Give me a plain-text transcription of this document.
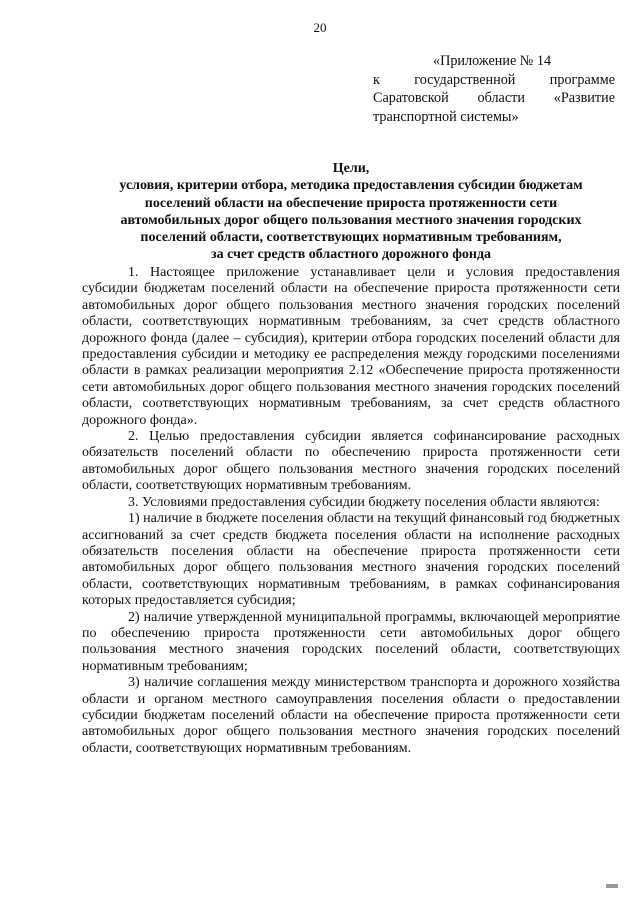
20
«Приложение № 14
к государственной программе
Саратовской области «Развитие
транспортной системы»
Цели,
условия, критерии отбора, методика предоставления субсидии бюджетам
поселений области на обеспечение прироста протяженности сети
автомобильных дорог общего пользования местного значения городских
поселений области, соответствующих нормативным требованиям,
за счет средств областного дорожного фонда

1. Настоящее приложение устанавливает цели и условия предоставления субсидии бюджетам поселений области на обеспечение прироста протяженности сети автомобильных дорог общего пользования местного значения городских поселений области, соответствующих нормативным требованиям, за счет средств областного дорожного фонда (далее – субсидия), критерии отбора городских поселений области для предоставления субсидии и методику ее распределения между городскими поселениями области в рамках реализации мероприятия 2.12 «Обеспечение прироста протяженности сети автомобильных дорог общего пользования местного значения городских поселений области, соответствующих нормативным требованиям, за счет средств областного дорожного фонда».

2. Целью предоставления субсидии является софинансирование расходных обязательств поселений области по обеспечению прироста протяженности сети автомобильных дорог общего пользования местного значения городских поселений области, соответствующих нормативным требованиям.

3. Условиями предоставления субсидии бюджету поселения области являются:

1) наличие в бюджете поселения области на текущий финансовый год бюджетных ассигнований за счет средств бюджета поселения области на исполнение расходных обязательств поселения области на обеспечение прироста протяженности сети автомобильных дорог общего пользования местного значения городских поселений области, соответствующих нормативным требованиям, в рамках софинансирования которых предоставляется субсидия;

2) наличие утвержденной муниципальной программы, включающей мероприятие по обеспечению прироста протяженности сети автомобильных дорог общего пользования местного значения городских поселений области, соответствующих нормативным требованиям;

3) наличие соглашения между министерством транспорта и дорожного хозяйства области и органом местного самоуправления поселения области о предоставлении субсидии бюджетам поселений области на обеспечение прироста протяженности сети автомобильных дорог общего пользования местного значения городских поселений области, соответствующих нормативным требованиям.
